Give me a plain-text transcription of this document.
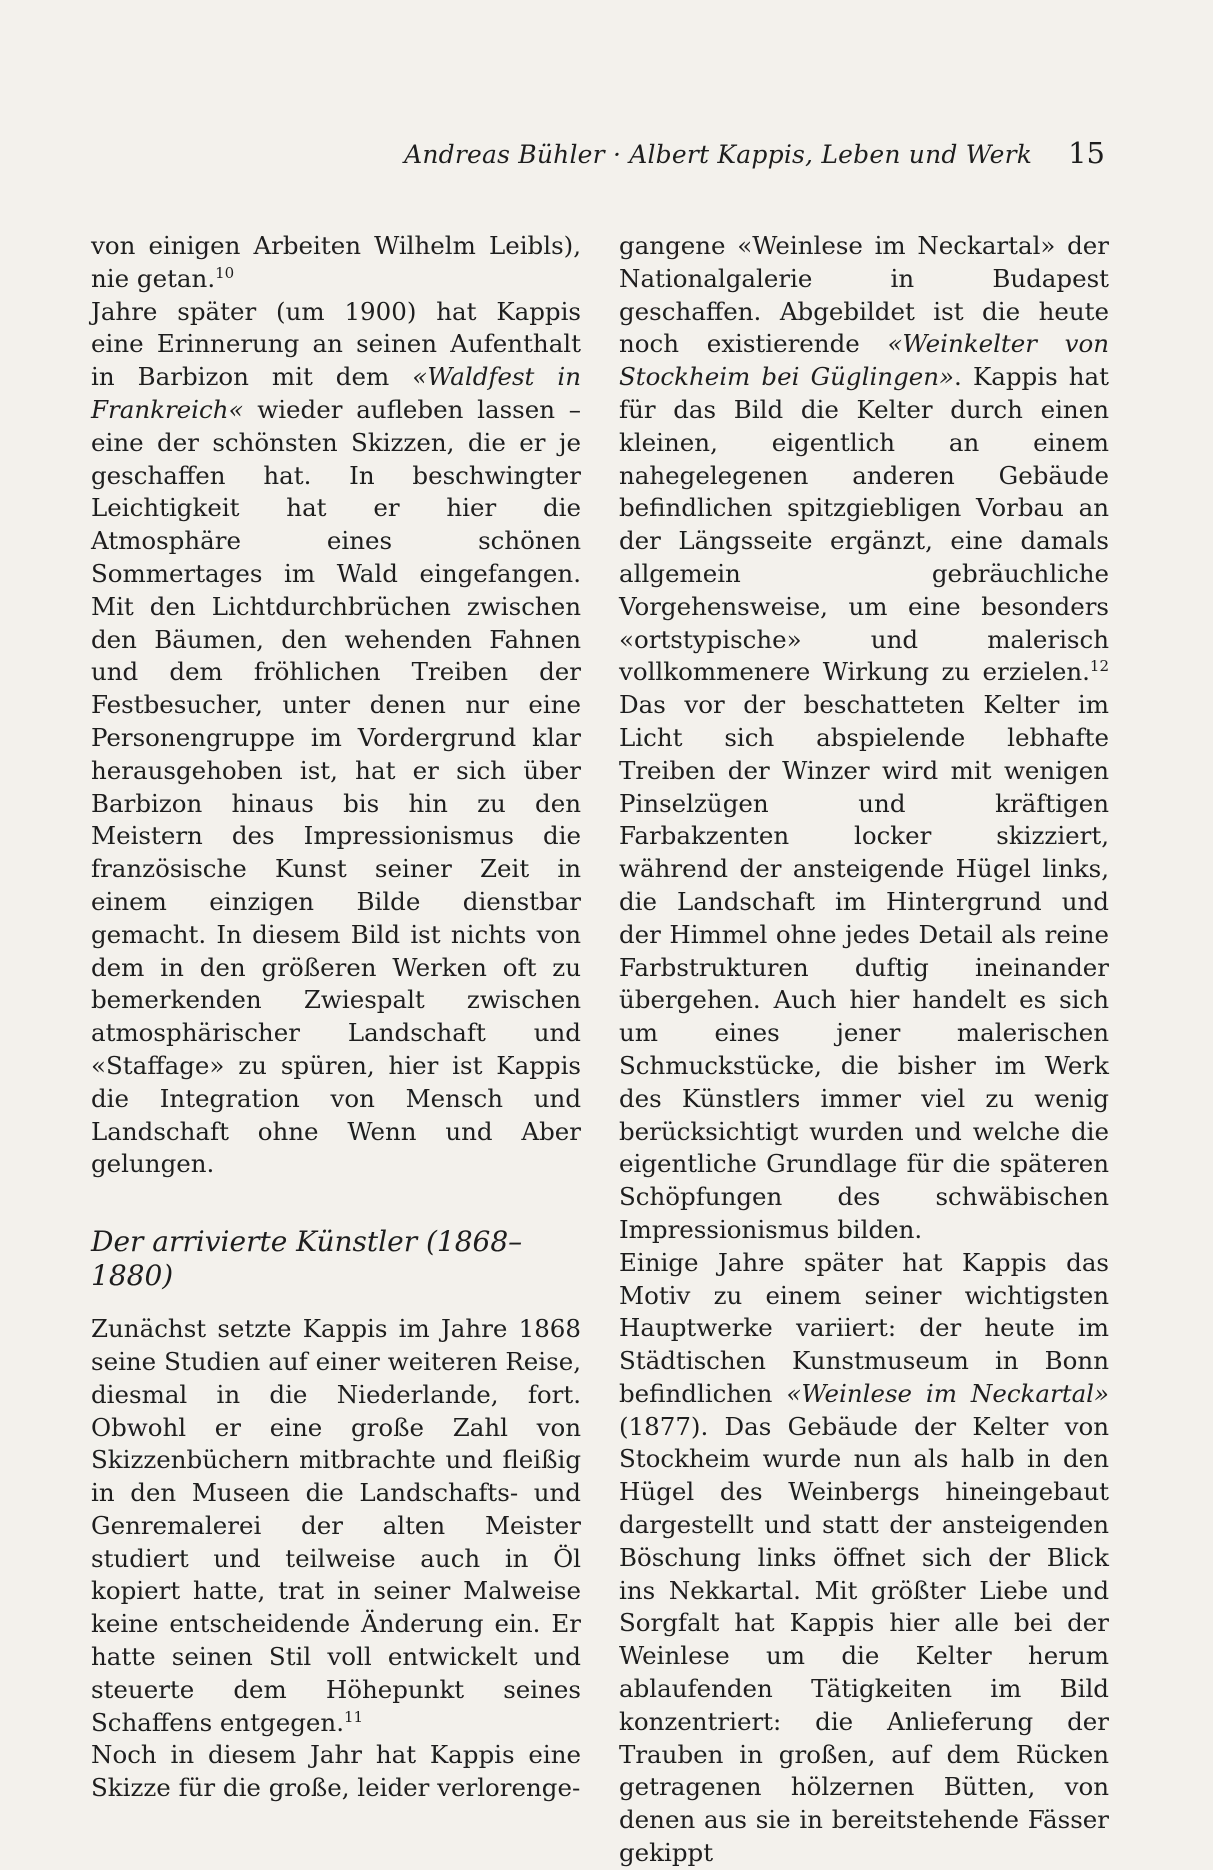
Andreas Bühler · Albert Kappis, Leben und Werk 15

von einigen Arbeiten Wilhelm Leibls), nie getan.$^{10}$

Jahre später (um 1900) hat Kappis eine Erinnerung an seinen Aufenthalt in Barbizon mit dem «Waldfest in Frankreich« wieder aufleben lassen – eine der schönsten Skizzen, die er je geschaffen hat. In beschwingter Leichtigkeit hat er hier die Atmosphäre eines schönen Sommertages im Wald eingefangen. Mit den Lichtdurchbrüchen zwischen den Bäumen, den wehenden Fahnen und dem fröhlichen Treiben der Festbesucher, unter denen nur eine Personengruppe im Vordergrund klar herausgehoben ist, hat er sich über Barbizon hinaus bis hin zu den Meistern des Impressionismus die französische Kunst seiner Zeit in einem einzigen Bilde dienstbar gemacht. In diesem Bild ist nichts von dem in den größeren Werken oft zu bemerkenden Zwiespalt zwischen atmosphärischer Landschaft und «Staffage» zu spüren, hier ist Kappis die Integration von Mensch und Landschaft ohne Wenn und Aber gelungen.

Der arrivierte Künstler (1868–1880)

Zunächst setzte Kappis im Jahre 1868 seine Studien auf einer weiteren Reise, diesmal in die Niederlande, fort. Obwohl er eine große Zahl von Skizzenbüchern mitbrachte und fleißig in den Museen die Landschafts- und Genremalerei der alten Meister studiert und teilweise auch in Öl kopiert hatte, trat in seiner Malweise keine entscheidende Änderung ein. Er hatte seinen Stil voll entwickelt und steuerte dem Höhepunkt seines Schaffens entgegen.$^{11}$

Noch in diesem Jahr hat Kappis eine Skizze für die große, leider verlorenge-

gangene «Weinlese im Neckartal» der Nationalgalerie in Budapest geschaffen. Abgebildet ist die heute noch existierende «Weinkelter von Stockheim bei Güglingen». Kappis hat für das Bild die Kelter durch einen kleinen, eigentlich an einem nahegelegenen anderen Gebäude befindlichen spitzgiebligen Vorbau an der Längsseite ergänzt, eine damals allgemein gebräuchliche Vorgehensweise, um eine besonders «ortstypische» und malerisch vollkommenere Wirkung zu erzielen.$^{12}$ Das vor der beschatteten Kelter im Licht sich abspielende lebhafte Treiben der Winzer wird mit wenigen Pinselzügen und kräftigen Farbakzenten locker skizziert, während der ansteigende Hügel links, die Landschaft im Hintergrund und der Himmel ohne jedes Detail als reine Farbstrukturen duftig ineinander übergehen. Auch hier handelt es sich um eines jener malerischen Schmuckstücke, die bisher im Werk des Künstlers immer viel zu wenig berücksichtigt wurden und welche die eigentliche Grundlage für die späteren Schöpfungen des schwäbischen Impressionismus bilden.

Einige Jahre später hat Kappis das Motiv zu einem seiner wichtigsten Hauptwerke variiert: der heute im Städtischen Kunstmuseum in Bonn befindlichen «Weinlese im Neckartal» (1877). Das Gebäude der Kelter von Stockheim wurde nun als halb in den Hügel des Weinbergs hineingebaut dargestellt und statt der ansteigenden Böschung links öffnet sich der Blick ins Nekkartal. Mit größter Liebe und Sorgfalt hat Kappis hier alle bei der Weinlese um die Kelter herum ablaufenden Tätigkeiten im Bild konzentriert: die Anlieferung der Trauben in großen, auf dem Rücken getragenen hölzernen Bütten, von denen aus sie in bereitstehende Fässer gekippt
